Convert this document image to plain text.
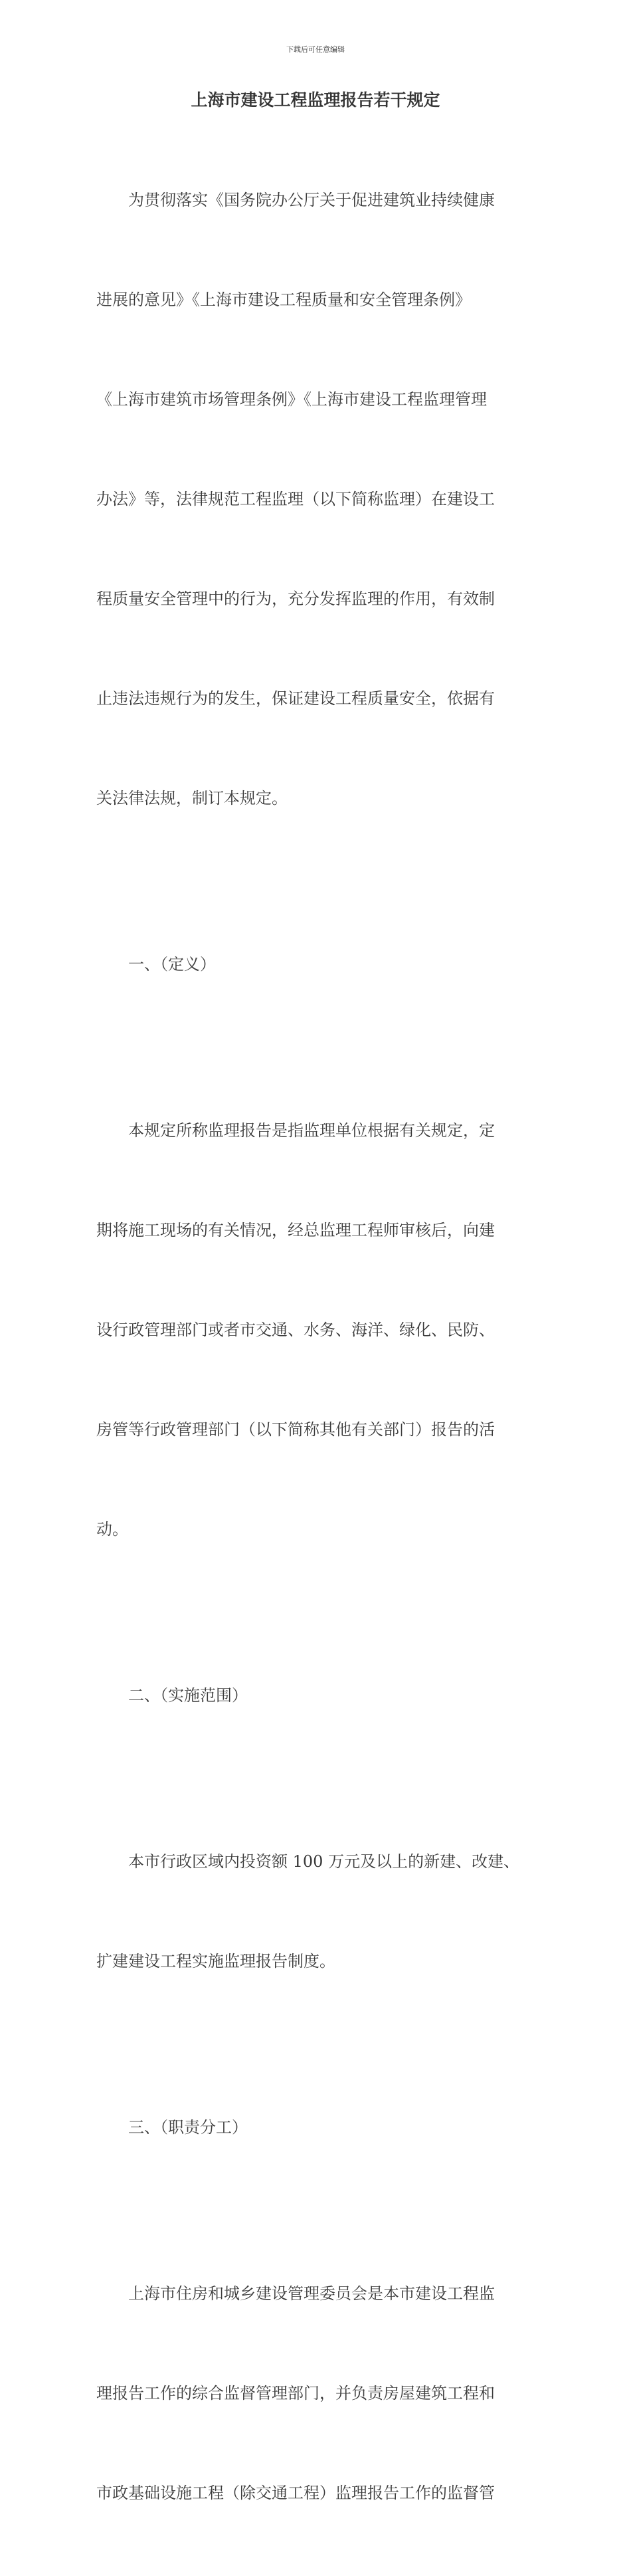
下载后可任意编辑
上海市建设工程监理报告若干规定

为贯彻落实《国务院办公厅关于促进建筑业持续健康

进展的意见》《上海市建设工程质量和安全管理条例》

《上海市建筑市场管理条例》《上海市建设工程监理管理

办法》等，法律规范工程监理（以下简称监理）在建设工

程质量安全管理中的行为，充分发挥监理的作用，有效制

止违法违规行为的发生，保证建设工程质量安全，依据有

关法律法规，制订本规定。

一、（定义）

本规定所称监理报告是指监理单位根据有关规定，定

期将施工现场的有关情况，经总监理工程师审核后，向建

设行政管理部门或者市交通、水务、海洋、绿化、民防、

房管等行政管理部门（以下简称其他有关部门）报告的活

动。

二、（实施范围）

本市行政区域内投资额 100 万元及以上的新建、改建、

扩建建设工程实施监理报告制度。

三、（职责分工）

上海市住房和城乡建设管理委员会是本市建设工程监

理报告工作的综合监督管理部门，并负责房屋建筑工程和

市政基础设施工程（除交通工程）监理报告工作的监督管
